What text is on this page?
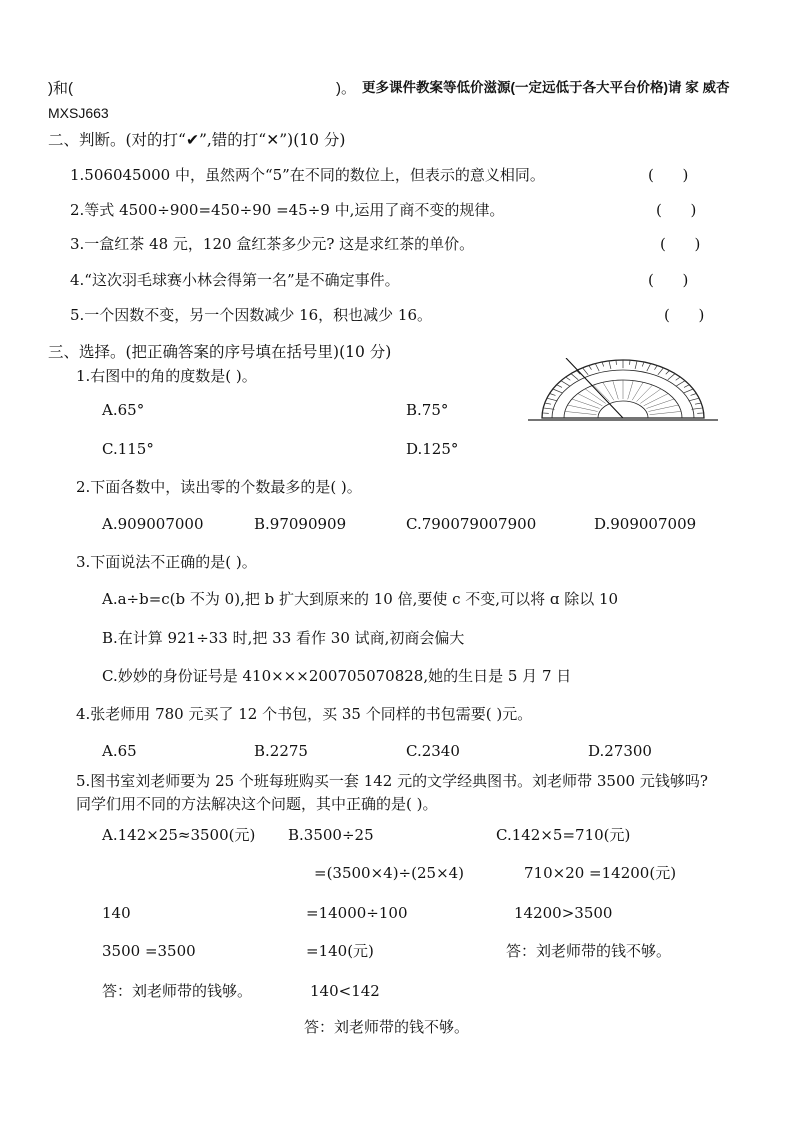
)和(	)。 更多课件教案等低价滋源(一定远低于各大平台价格)请 家 威杏
MXSJ663
二、判断。(对的打“✔”,错的打“✕”)(10 分)
1.506045000 中，虽然两个“5”在不同的数位上，但表示的意义相同。	(      )
2.等式 4500÷900=450÷90 =45÷9 中,运用了商不变的规律。	(      )
3.一盒红茶 48 元，120 盒红茶多少元? 这是求红茶的单价。	(      )
4.“这次羽毛球赛小林会得第一名”是不确定事件。	(      )
5.一个因数不变，另一个因数减少 16，积也减少 16。	(      )
三、选择。(把正确答案的序号填在括号里)(10 分)
1.右图中的角的度数是( )。
A.65°	B.75°
C.115°	D.125°
2.下面各数中，读出零的个数最多的是( )。
A.909007000	B.97090909	C.790079007900	D.909007009
3.下面说法不正确的是( )。
A.a÷b=c(b 不为 0),把 b 扩大到原来的 10 倍,要使 c 不变,可以将 ɑ 除以 10
B.在计算 921÷33 时,把 33 看作 30 试商,初商会偏大
C.妙妙的身份证号是 410×××200705070828,她的生日是 5 月 7 日
4.张老师用 780 元买了 12 个书包，买 35 个同样的书包需要( )元。
A.65	B.2275	C.2340	D.27300
5.图书室刘老师要为 25 个班每班购买一套 142 元的文学经典图书。刘老师带 3500 元钱够吗?
同学们用不同的方法解决这个问题，其中正确的是( )。
A.142×25≈3500(元)
140
3500 =3500
答：刘老师带的钱够。
B.3500÷25
=(3500×4)÷(25×4)
=14000÷100
=140(元)
140<142
答：刘老师带的钱不够。
C.142×5=710(元)
710×20 =14200(元)
14200>3500
答：刘老师带的钱不够。
